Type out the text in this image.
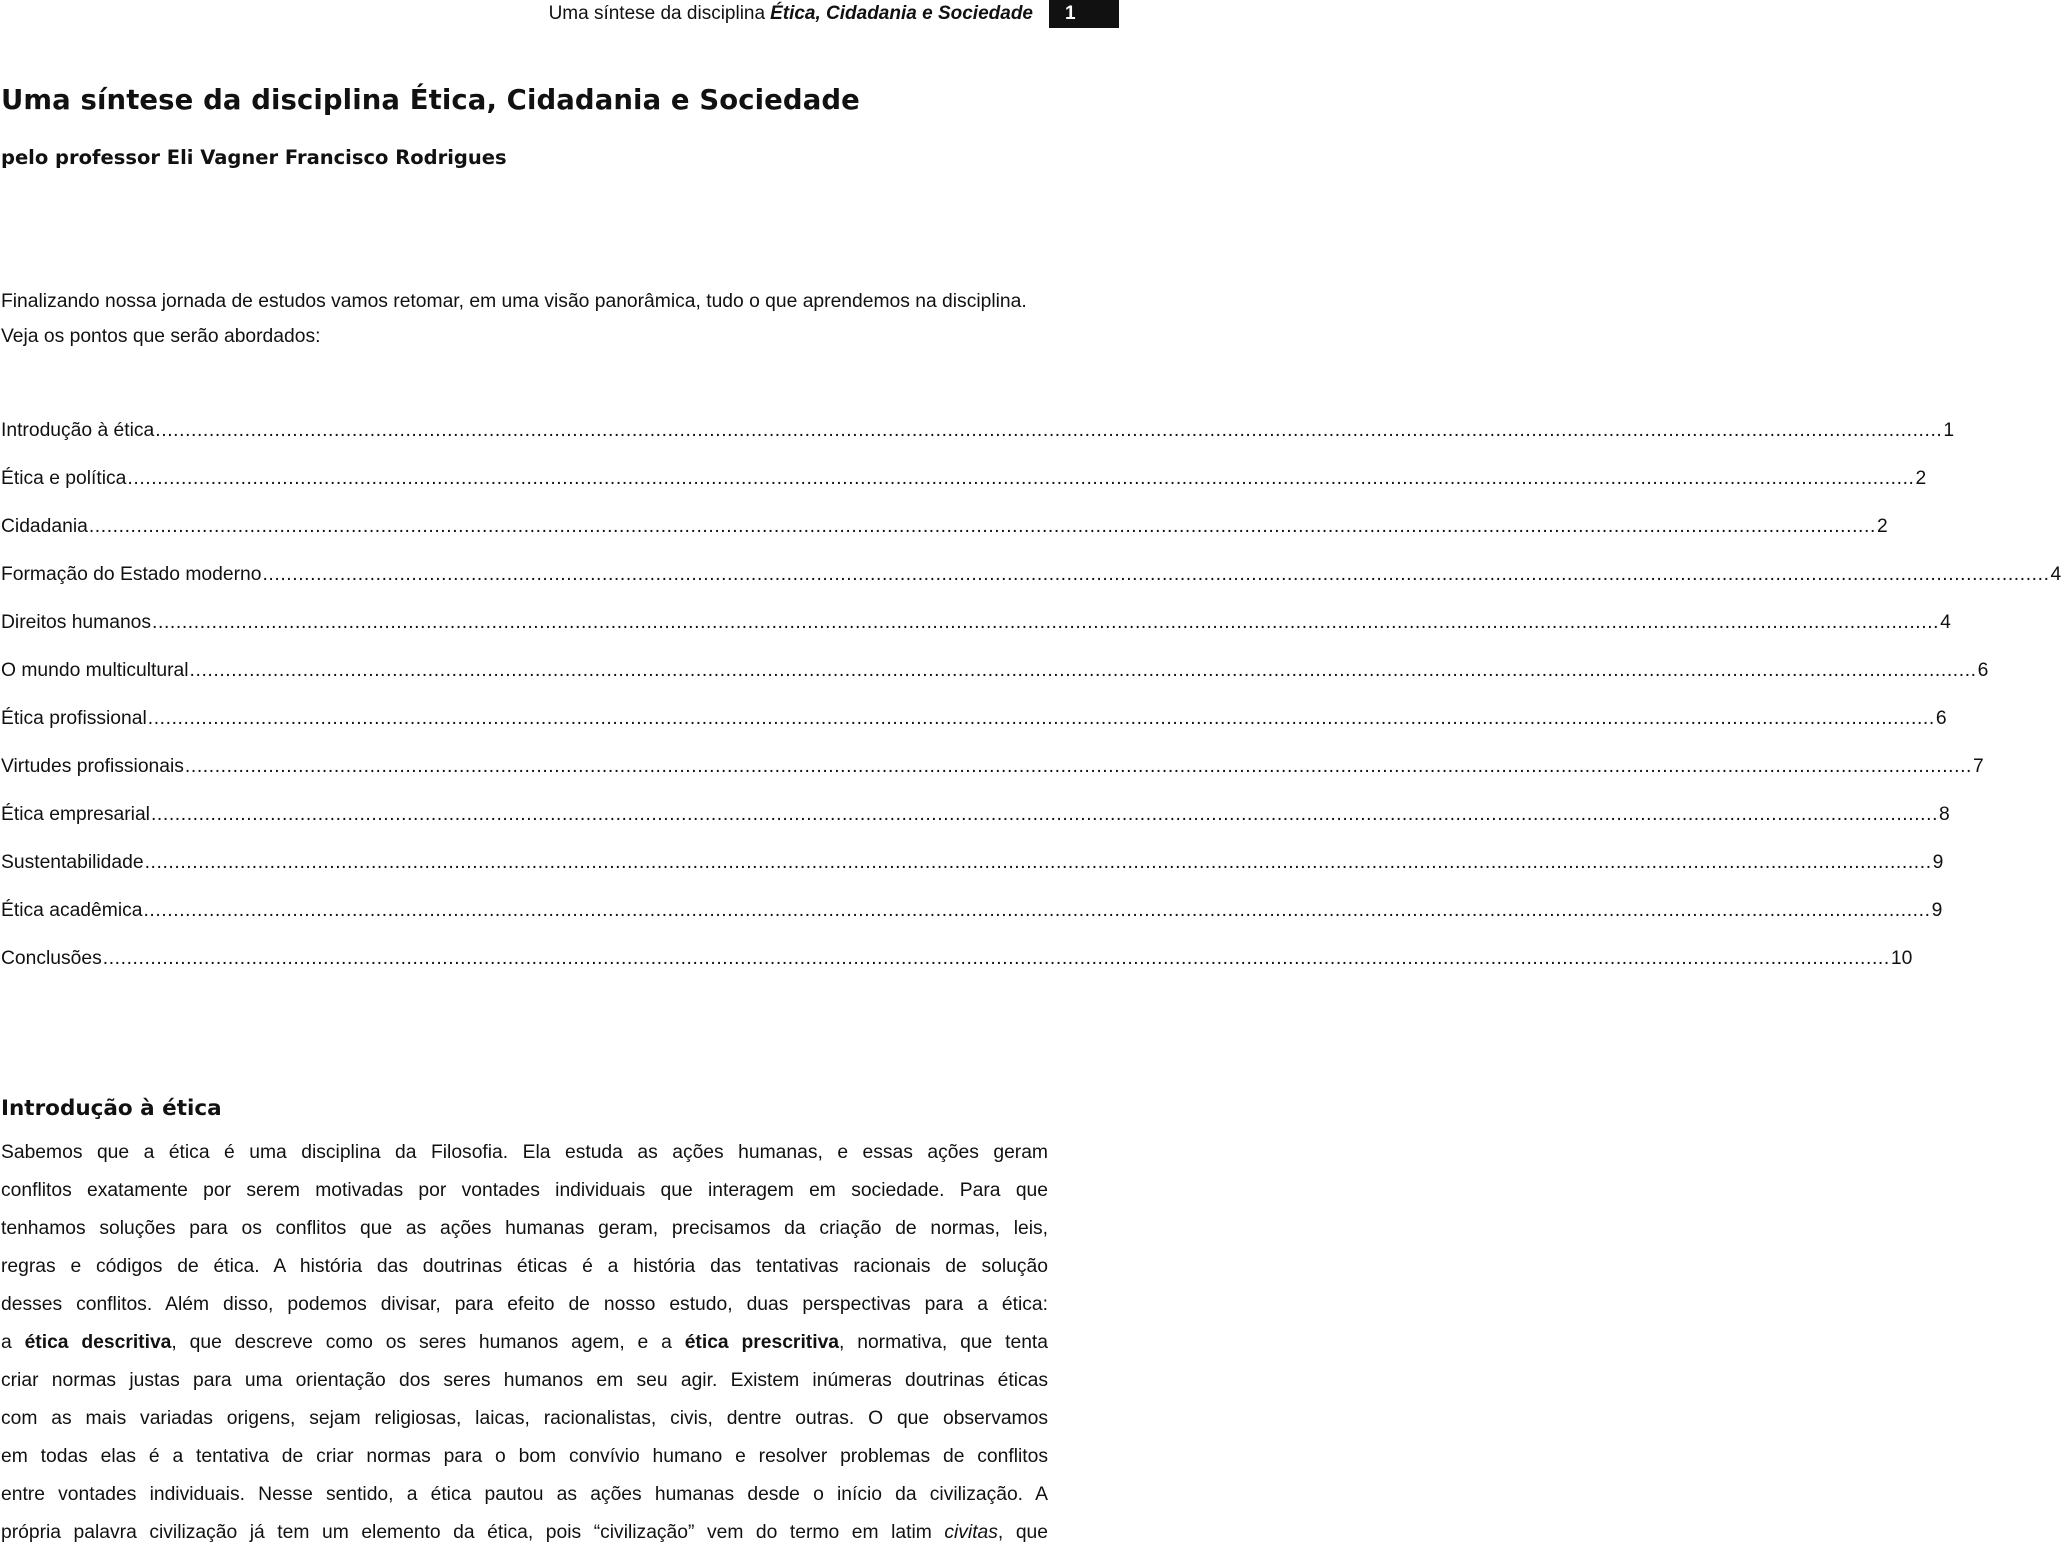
Uma síntese da disciplina Ética, Cidadania e Sociedade	1
Uma síntese da disciplina Ética, Cidadania e Sociedade
pelo professor Eli Vagner Francisco Rodrigues

Finalizando nossa jornada de estudos vamos retomar, em uma visão panorâmica, tudo o que aprendemos na disciplina. Veja os pontos que serão abordados:

Introdução à ética ............................................................................................................................................................................................................................................................................................................ 1
Ética e política ............................................................................................................................................................................................................................................................................................................ 2
Cidadania ............................................................................................................................................................................................................................................................................................................ 2
Formação do Estado moderno ............................................................................................................................................................................................................................................................................................................ 4
Direitos humanos ............................................................................................................................................................................................................................................................................................................ 4
O mundo multicultural ............................................................................................................................................................................................................................................................................................................ 6
Ética profissional ............................................................................................................................................................................................................................................................................................................ 6
Virtudes profissionais ............................................................................................................................................................................................................................................................................................................ 7
Ética empresarial ............................................................................................................................................................................................................................................................................................................ 8
Sustentabilidade ............................................................................................................................................................................................................................................................................................................ 9
Ética acadêmica ............................................................................................................................................................................................................................................................................................................ 9
Conclusões ............................................................................................................................................................................................................................................................................................................ 10
Introdução à ética
Sabemos que a ética é uma disciplina da Filosofia. Ela estuda as ações humanas, e essas ações geram
conflitos exatamente por serem motivadas por vontades individuais que interagem em sociedade. Para que
tenhamos soluções para os conflitos que as ações humanas geram, precisamos da criação de normas, leis,
regras e códigos de ética. A história das doutrinas éticas é a história das tentativas racionais de solução
desses conflitos. Além disso, podemos divisar, para efeito de nosso estudo, duas perspectivas para a ética:
a ética descritiva, que descreve como os seres humanos agem, e a ética prescritiva, normativa, que tenta
criar normas justas para uma orientação dos seres humanos em seu agir. Existem inúmeras doutrinas éticas
com as mais variadas origens, sejam religiosas, laicas, racionalistas, civis, dentre outras. O que observamos
em todas elas é a tentativa de criar normas para o bom convívio humano e resolver problemas de conflitos
entre vontades individuais. Nesse sentido, a ética pautou as ações humanas desde o início da civilização. A
própria palavra civilização já tem um elemento da ética, pois “civilização” vem do termo em latim civitas, que
